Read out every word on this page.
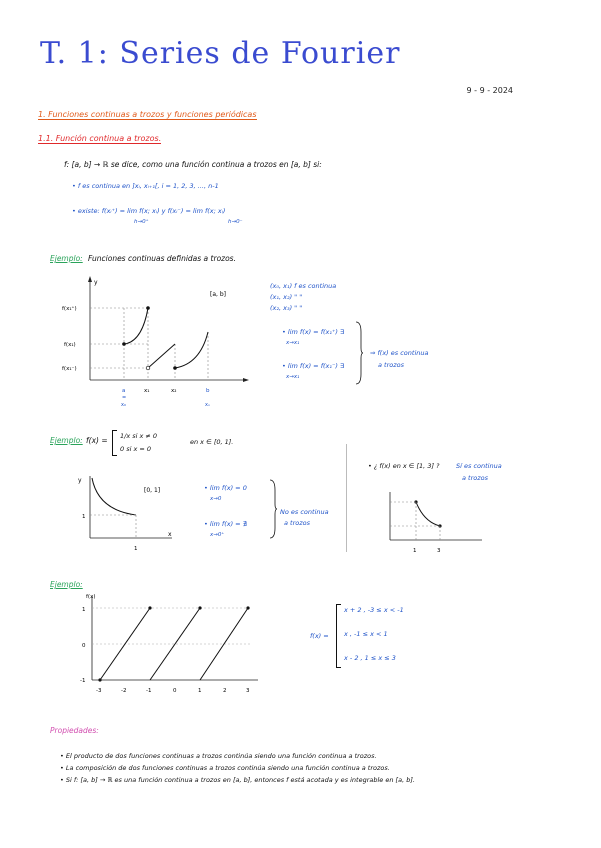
T. 1: Series de Fourier
9 - 9 - 2024
1. Funciones continuas a trozos y funciones periódicas
1.1. Función continua a trozos.
f: [a, b] → ℝ se dice, como una función continua a trozos en [a, b] si:
• f es continua en ]xᵢ, xᵢ₊₁[, i = 1, 2, 3, ..., n-1
• existe: f(xᵢ⁺) = lim f(x; xᵢ) y f(xᵢ⁻) = lim f(x; xᵢ)
h→0⁺	h→0⁻
Ejemplo: Funciones continuas definidas a trozos.
y
[a, b]
f(x₁⁺)
f(x₁)
f(x₁⁻)
a	x₁	x₂	b
=
x₀	xₙ
(x₀, x₁) f es continua
(x₁, x₂) " "
(x₂, x₃) " "
• lim f(x) = f(x₁⁺) ∃
x→x₁
• lim f(x) = f(x₁⁻) ∃
x→x₁
⇒ f(x) es continua
a trozos
Ejemplo: f(x) = 1/x si x ≠ 0
0 si x = 0
en x ∈ [0, 1].
y
x
[0, 1]
1
1
• lim f(x) = 0
x→0
• lim f(x) = ∄
x→0⁺
No es continua
a trozos
• ¿ f(x) en x ∈ [1, 3] ?	Sí es continua
a trozos
1	3
Ejemplo:
f(x)
1
0
-1
-3	-2	-1	0	1	2	3
f(x) =
x + 2 , -3 ≤ x < -1
x , -1 ≤ x < 1
x - 2 , 1 ≤ x ≤ 3
Propiedades:
• El producto de dos funciones continuas a trozos continúa siendo una función continua a trozos.
• La composición de dos funciones continuas a trozos continúa siendo una función continua a trozos.
• Si f: [a, b] → ℝ es una función continua a trozos en [a, b], entonces f está acotada y es integrable en [a, b].
